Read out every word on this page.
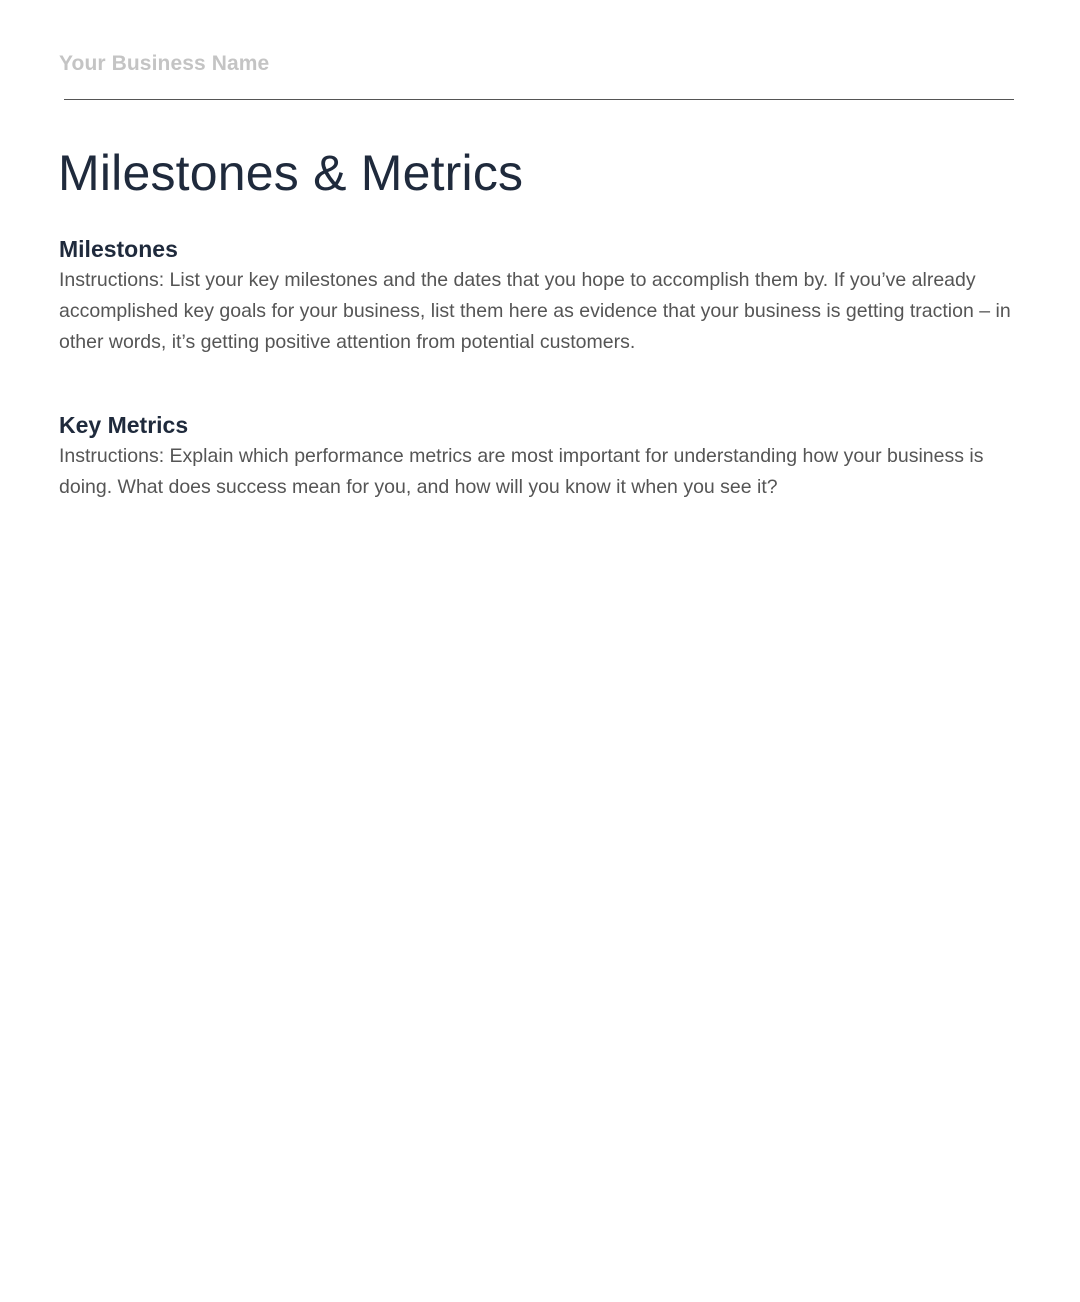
Your Business Name
Milestones & Metrics
Milestones

Instructions: List your key milestones and the dates that you hope to accomplish them by. If you’ve already accomplished key goals for your business, list them here as evidence that your business is getting traction – in other words, it’s getting positive attention from potential customers.

Key Metrics

Instructions: Explain which performance metrics are most important for understanding how your business is doing. What does success mean for you, and how will you know it when you see it?
